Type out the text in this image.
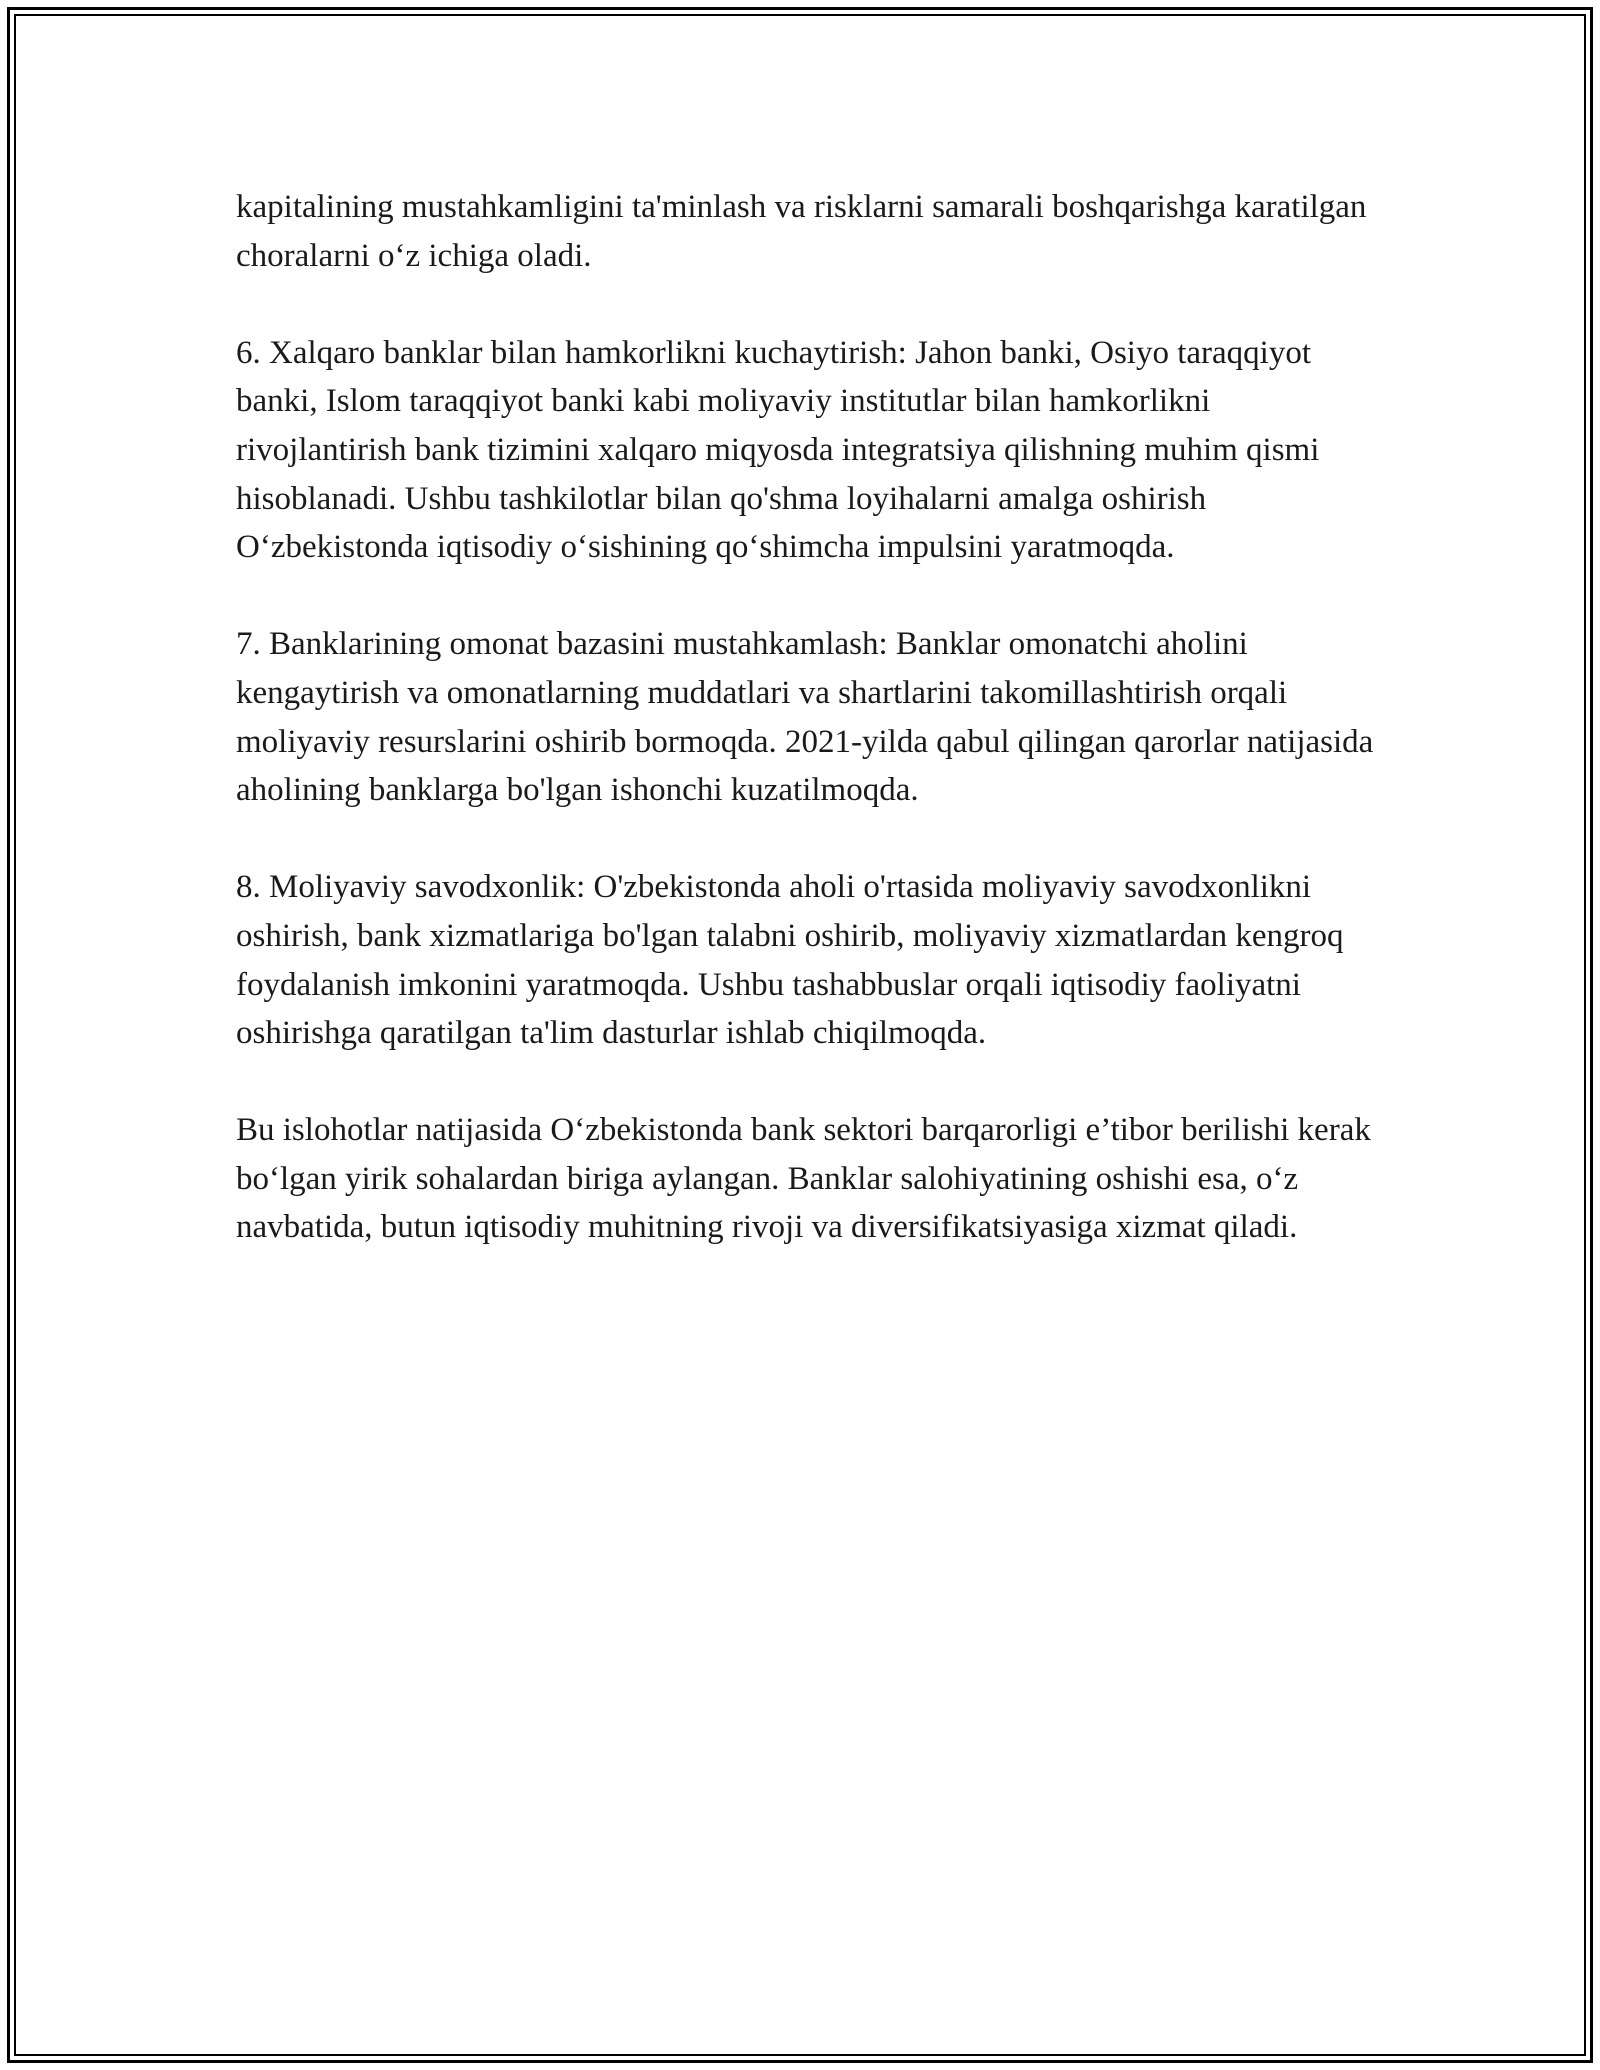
kapitalining mustahkamligini ta'minlash va risklarni samarali boshqarishga karatilgan choralarni o‘z ichiga oladi.

6. Xalqaro banklar bilan hamkorlikni kuchaytirish: Jahon banki, Osiyo taraqqiyot banki, Islom taraqqiyot banki kabi moliyaviy institutlar bilan hamkorlikni rivojlantirish bank tizimini xalqaro miqyosda integratsiya qilishning muhim qismi hisoblanadi. Ushbu tashkilotlar bilan qo'shma loyihalarni amalga oshirish O‘zbekistonda iqtisodiy o‘sishining qo‘shimcha impulsini yaratmoqda.

7. Banklarining omonat bazasini mustahkamlash: Banklar omonatchi aholini kengaytirish va omonatlarning muddatlari va shartlarini takomillashtirish orqali moliyaviy resurslarini oshirib bormoqda. 2021-yilda qabul qilingan qarorlar natijasida aholining banklarga bo'lgan ishonchi kuzatilmoqda.

8. Moliyaviy savodxonlik: O'zbekistonda aholi o'rtasida moliyaviy savodxonlikni oshirish, bank xizmatlariga bo'lgan talabni oshirib, moliyaviy xizmatlardan kengroq foydalanish imkonini yaratmoqda. Ushbu tashabbuslar orqali iqtisodiy faoliyatni oshirishga qaratilgan ta'lim dasturlar ishlab chiqilmoqda.

Bu islohotlar natijasida O‘zbekistonda bank sektori barqarorligi e’tibor berilishi kerak bo‘lgan yirik sohalardan biriga aylangan. Banklar salohiyatining oshishi esa, o‘z navbatida, butun iqtisodiy muhitning rivoji va diversifikatsiyasiga xizmat qiladi.
